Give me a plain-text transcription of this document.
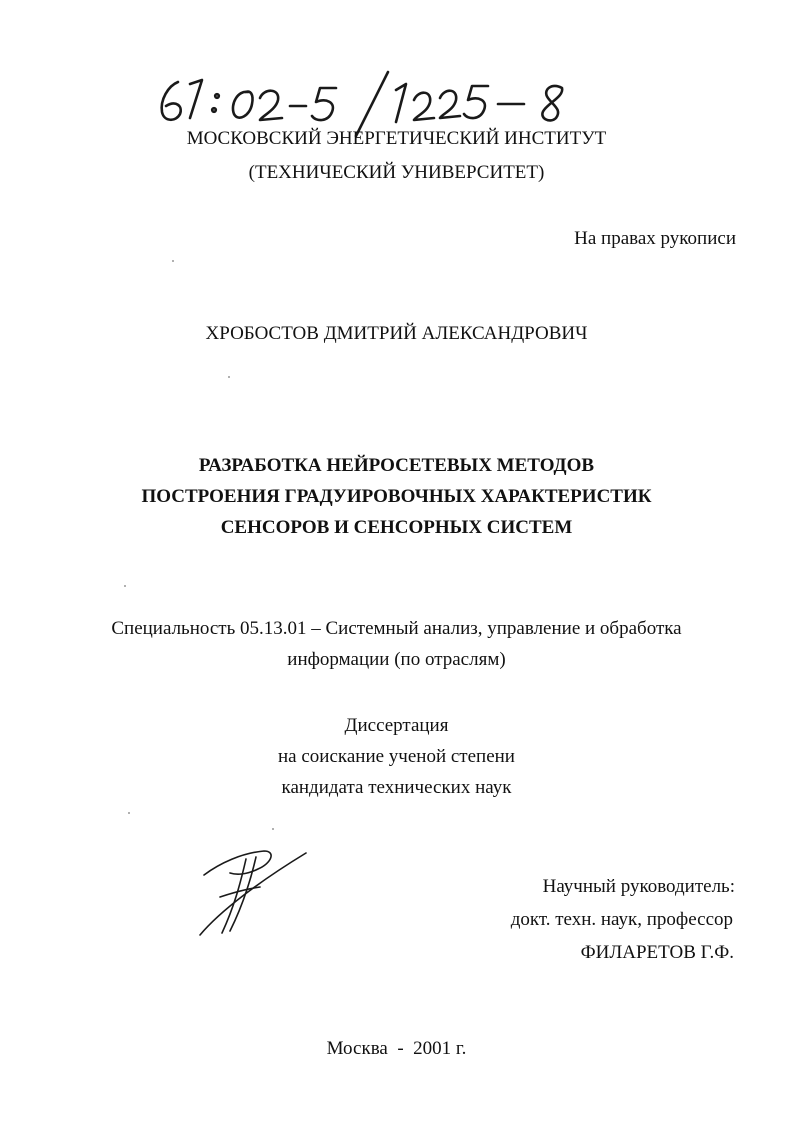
МОСКОВСКИЙ ЭНЕРГЕТИЧЕСКИЙ ИНСТИТУТ
(ТЕХНИЧЕСКИЙ УНИВЕРСИТЕТ)
На правах рукописи
ХРОБОСТОВ ДМИТРИЙ АЛЕКСАНДРОВИЧ
РАЗРАБОТКА НЕЙРОСЕТЕВЫХ МЕТОДОВ
ПОСТРОЕНИЯ ГРАДУИРОВОЧНЫХ ХАРАКТЕРИСТИК
СЕНСОРОВ И СЕНСОРНЫХ СИСТЕМ
Специальность 05.13.01 – Системный анализ, управление и обработка
информации (по отраслям)
Диссертация
на соискание ученой степени
кандидата технических наук
Научный руководитель:
докт. техн. наук, профессор
ФИЛАРЕТОВ Г.Ф.
Москва  -  2001 г.
